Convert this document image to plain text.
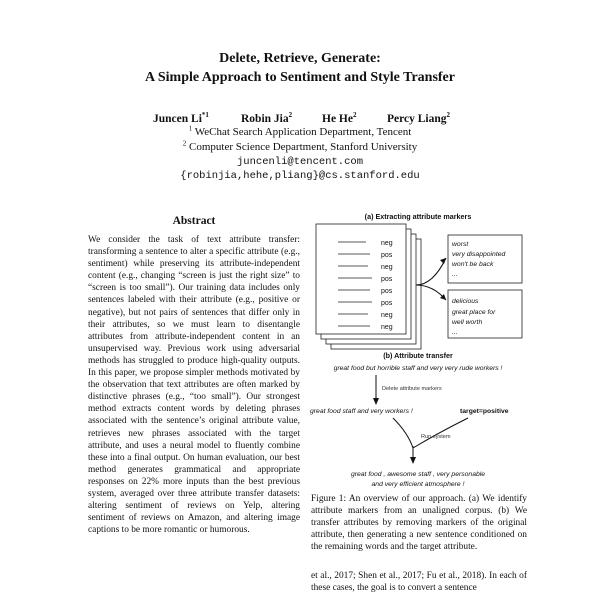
Delete, Retrieve, Generate:
A Simple Approach to Sentiment and Style Transfer
Juncen Li$^{*1}$	Robin Jia$^2$	He He$^2$	Percy Liang$^2$
$^1$ WeChat Search Application Department, Tencent
$^2$ Computer Science Department, Stanford University
juncenli@tencent.com
{robinjia,hehe,pliang}@cs.stanford.edu
Abstract

We consider the task of text attribute transfer: transforming a sentence to alter a specific attribute (e.g., sentiment) while preserving its attribute-independent content (e.g., changing “screen is just the right size” to “screen is too small”). Our training data includes only sentences labeled with their attribute (e.g., positive or negative), but not pairs of sentences that differ only in their attributes, so we must learn to disentangle attributes from attribute-independent content in an unsupervised way. Previous work using adversarial methods has struggled to produce high-quality outputs. In this paper, we propose simpler methods motivated by the observation that text attributes are often marked by distinctive phrases (e.g., “too small”). Our strongest method extracts content words by deleting phrases associated with the sentence’s original attribute value, retrieves new phrases associated with the target attribute, and uses a neural model to fluently combine these into a final output. On human evaluation, our best method generates grammatical and appropriate responses on 22% more inputs than the best previous system, averaged over three attribute transfer datasets: altering sentiment of reviews on Yelp, altering sentiment of reviews on Amazon, and altering image captions to be more romantic or humorous.

(a) Extracting attribute markers
neg
pos
neg
pos
pos
pos
neg
neg
worst
very disappointed
won't be back
...
delicious
great place for
well worth
...
(b) Attribute transfer
great food but horrible staff and very very rude workers !
Delete attribute markers
great food staff and very workers !	target=positive
Run system
great food , awesome staff , very personable
and very efficient atmosphere !

Figure 1: An overview of our approach. (a) We identify attribute markers from an unaligned corpus. (b) We transfer attributes by removing markers of the original attribute, then generating a new sentence conditioned on the remaining words and the target attribute.

et al., 2017; Shen et al., 2017; Fu et al., 2018). In each of these cases, the goal is to convert a sentence
